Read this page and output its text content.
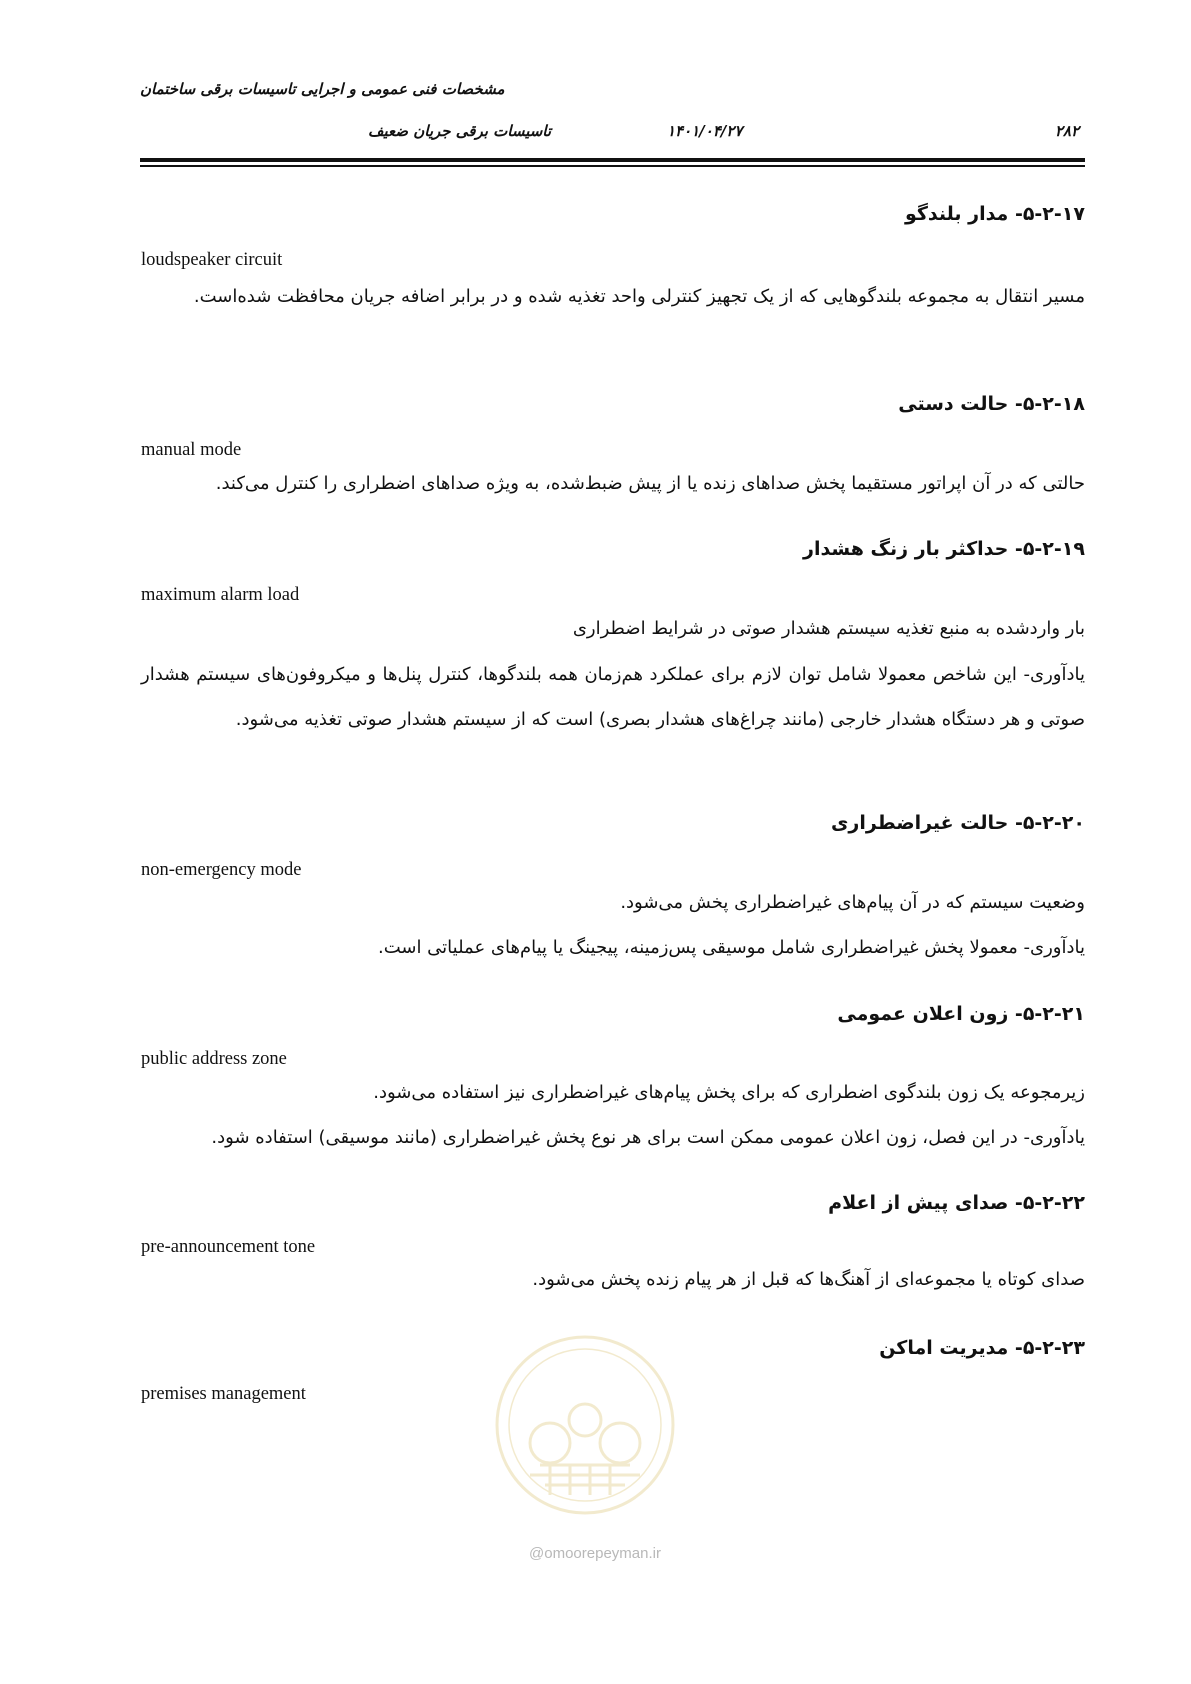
مشخصات فنی عمومی و اجرایی تاسیسات برقی ساختمان
تاسیسات برقی جریان ضعیف	۱۴۰۱/۰۴/۲۷	۲۸۲
۵-۲-۱۷- مدار بلندگو
loudspeaker circuit
مسیر انتقال به مجموعه بلندگوهایی که از یک تجهیز کنترلی واحد تغذیه شده و در برابر اضافه جریان محافظت شده‌است.
۵-۲-۱۸- حالت دستی
manual mode
حالتی که در آن اپراتور مستقیما پخش صداهای زنده یا از پیش ضبط‌شده، به ویژه صداهای اضطراری را کنترل می‌کند.
۵-۲-۱۹- حداکثر بار زنگ هشدار
maximum alarm load
بار واردشده به منبع تغذیه سیستم هشدار صوتی در شرایط اضطراری
یادآوری- این شاخص معمولا شامل توان لازم برای عملکرد هم‌زمان همه بلندگوها، کنترل پنل‌ها و میکروفون‌های سیستم هشدار صوتی و هر دستگاه هشدار خارجی (مانند چراغ‌های هشدار بصری) است که از سیستم هشدار صوتی تغذیه می‌شود.
۵-۲-۲۰- حالت غیراضطراری
non-emergency mode
وضعیت سیستم که در آن پیام‌های غیراضطراری پخش می‌شود.
یادآوری- معمولا پخش غیراضطراری شامل موسیقی پس‌زمینه، پیجینگ یا پیام‌های عملیاتی است.
۵-۲-۲۱- زون اعلان عمومی
public address zone
زیرمجوعه یک زون بلندگوی اضطراری که برای پخش پیام‌های غیراضطراری نیز استفاده می‌شود.
یادآوری- در این فصل، زون اعلان عمومی ممکن است برای هر نوع پخش غیراضطراری (مانند موسیقی) استفاده شود.
۵-۲-۲۲- صدای پیش از اعلام
pre-announcement tone
صدای کوتاه یا مجموعه‌ای از آهنگ‌ها که قبل از هر پیام زنده پخش می‌شود.
۵-۲-۲۳- مدیریت اماکن
premises management
@omoorepeyman.ir
